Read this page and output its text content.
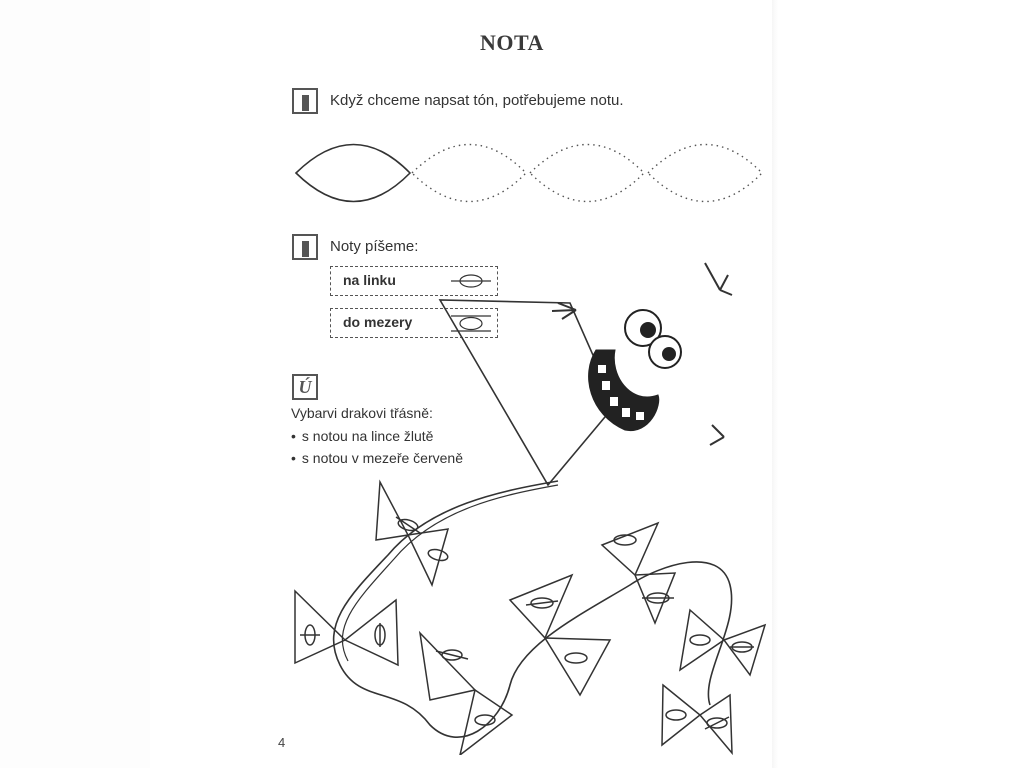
NOTA
Když chceme napsat tón, potřebujeme notu.
Noty píšeme:
na linku
do mezery
Ú
Vybarvi drakovi třásně:
• s notou na lince žlutě
• s notou v mezeře červeně
4
